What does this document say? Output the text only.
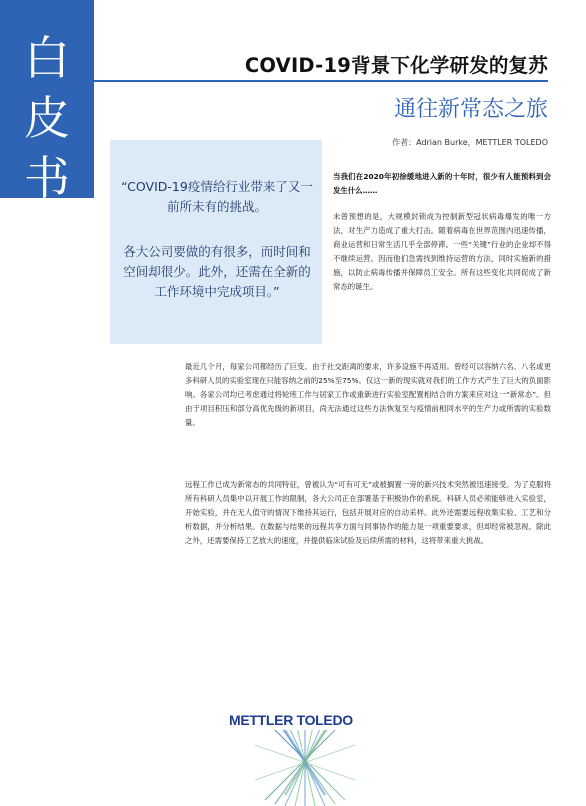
白
皮
书
COVID-19背景下化学研发的复苏
通往新常态之旅
作者：Adrian Burke，METTLER TOLEDO

“COVID-19疫情给行业带来了又一前所未有的挑战。

各大公司要做的有很多，而时间和空间却很少。此外，还需在全新的工作环境中完成项目。”

当我们在2020年初徐缓地进入新的十年时，很少有人能预料到会发生什么……

未曾预想的是，大规模封锁成为控制新型冠状病毒爆发的唯一方法，对生产力造成了重大打击。随着病毒在世界范围内迅速传播，商业运营和日常生活几乎全部停滞。一些“关键”行业的企业却不得不继续运营。因而他们急需找到维持运营的方法，同时实施新的措施，以防止病毒传播并保障员工安全。所有这些变化共同促成了新常态的诞生。

最近几个月，每家公司都经历了巨变。由于社交距离的要求，许多设施不再适用。曾经可以容纳六名、八名或更多科研人员的实验室现在只能容纳之前的25%至75%。仅这一新的现实就对我们的工作方式产生了巨大的负面影响。各家公司均已考虑通过将轮班工作与居家工作或重新进行实验室配置相结合的方案来应对这一“新常态”。但由于项目积压和部分高优先级的新项目，尚无法通过这些方法恢复至与疫情前相同水平的生产力或所需的实验数量。

远程工作已成为新常态的共同特征，曾被认为“可有可无”或被搁置一旁的新兴技术突然被迅速接受。为了克服将所有科研人员集中以开展工作的限制，各大公司正在部署基于积极协作的系统。科研人员必须能够进入实验室，开始实验，并在无人值守的情况下维持其运行，包括开展对应的自动采样。此外还需要远程收集实验、工艺和分析数据，并分析结果。在数据与结果的远程共享方面与同事协作的能力是一项重要要求，但却经常被忽视。除此之外，还需要保持工艺放大的速度，并提供临床试验及后续所需的材料，这将带来重大挑战。

METTLER TOLEDO
